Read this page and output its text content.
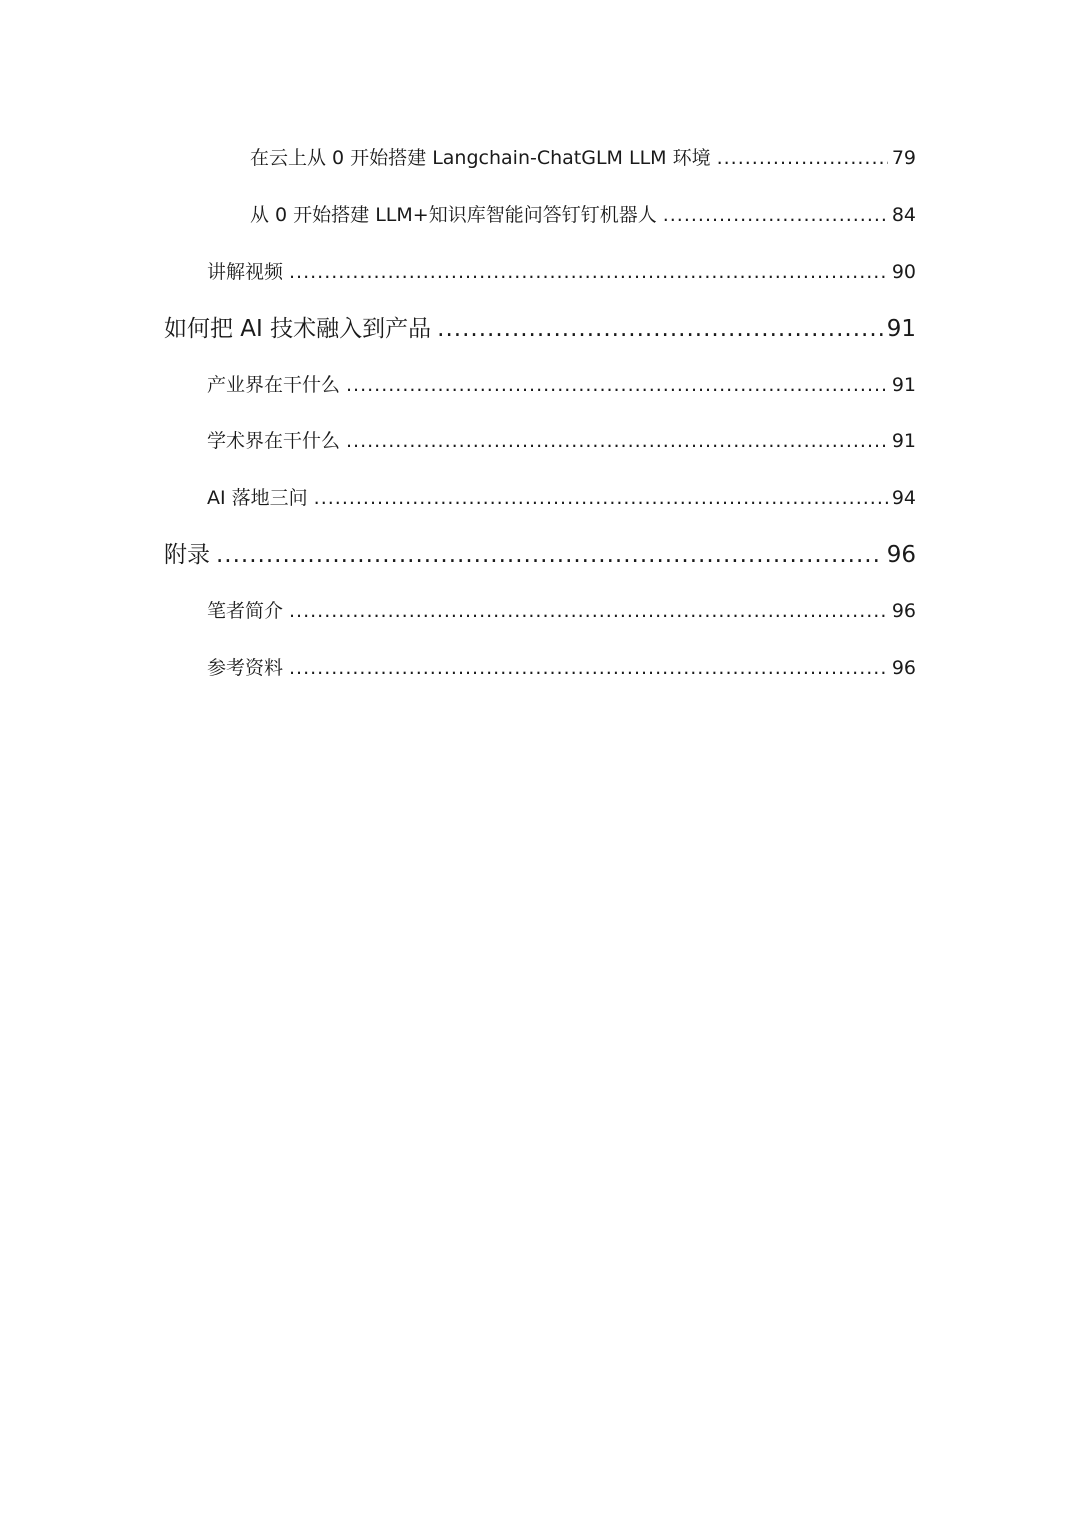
在云上从 0 开始搭建 Langchain-ChatGLM LLM 环境 .....	79
从 0 开始搭建 LLM+知识库智能问答钉钉机器人 .....	84
讲解视频 .....	90
如何把 AI 技术融入到产品 .....	91
产业界在干什么 .....	91
学术界在干什么 .....	91
AI 落地三问 .....	94
附录 .....	96
笔者简介 .....	96
参考资料 .....	96
